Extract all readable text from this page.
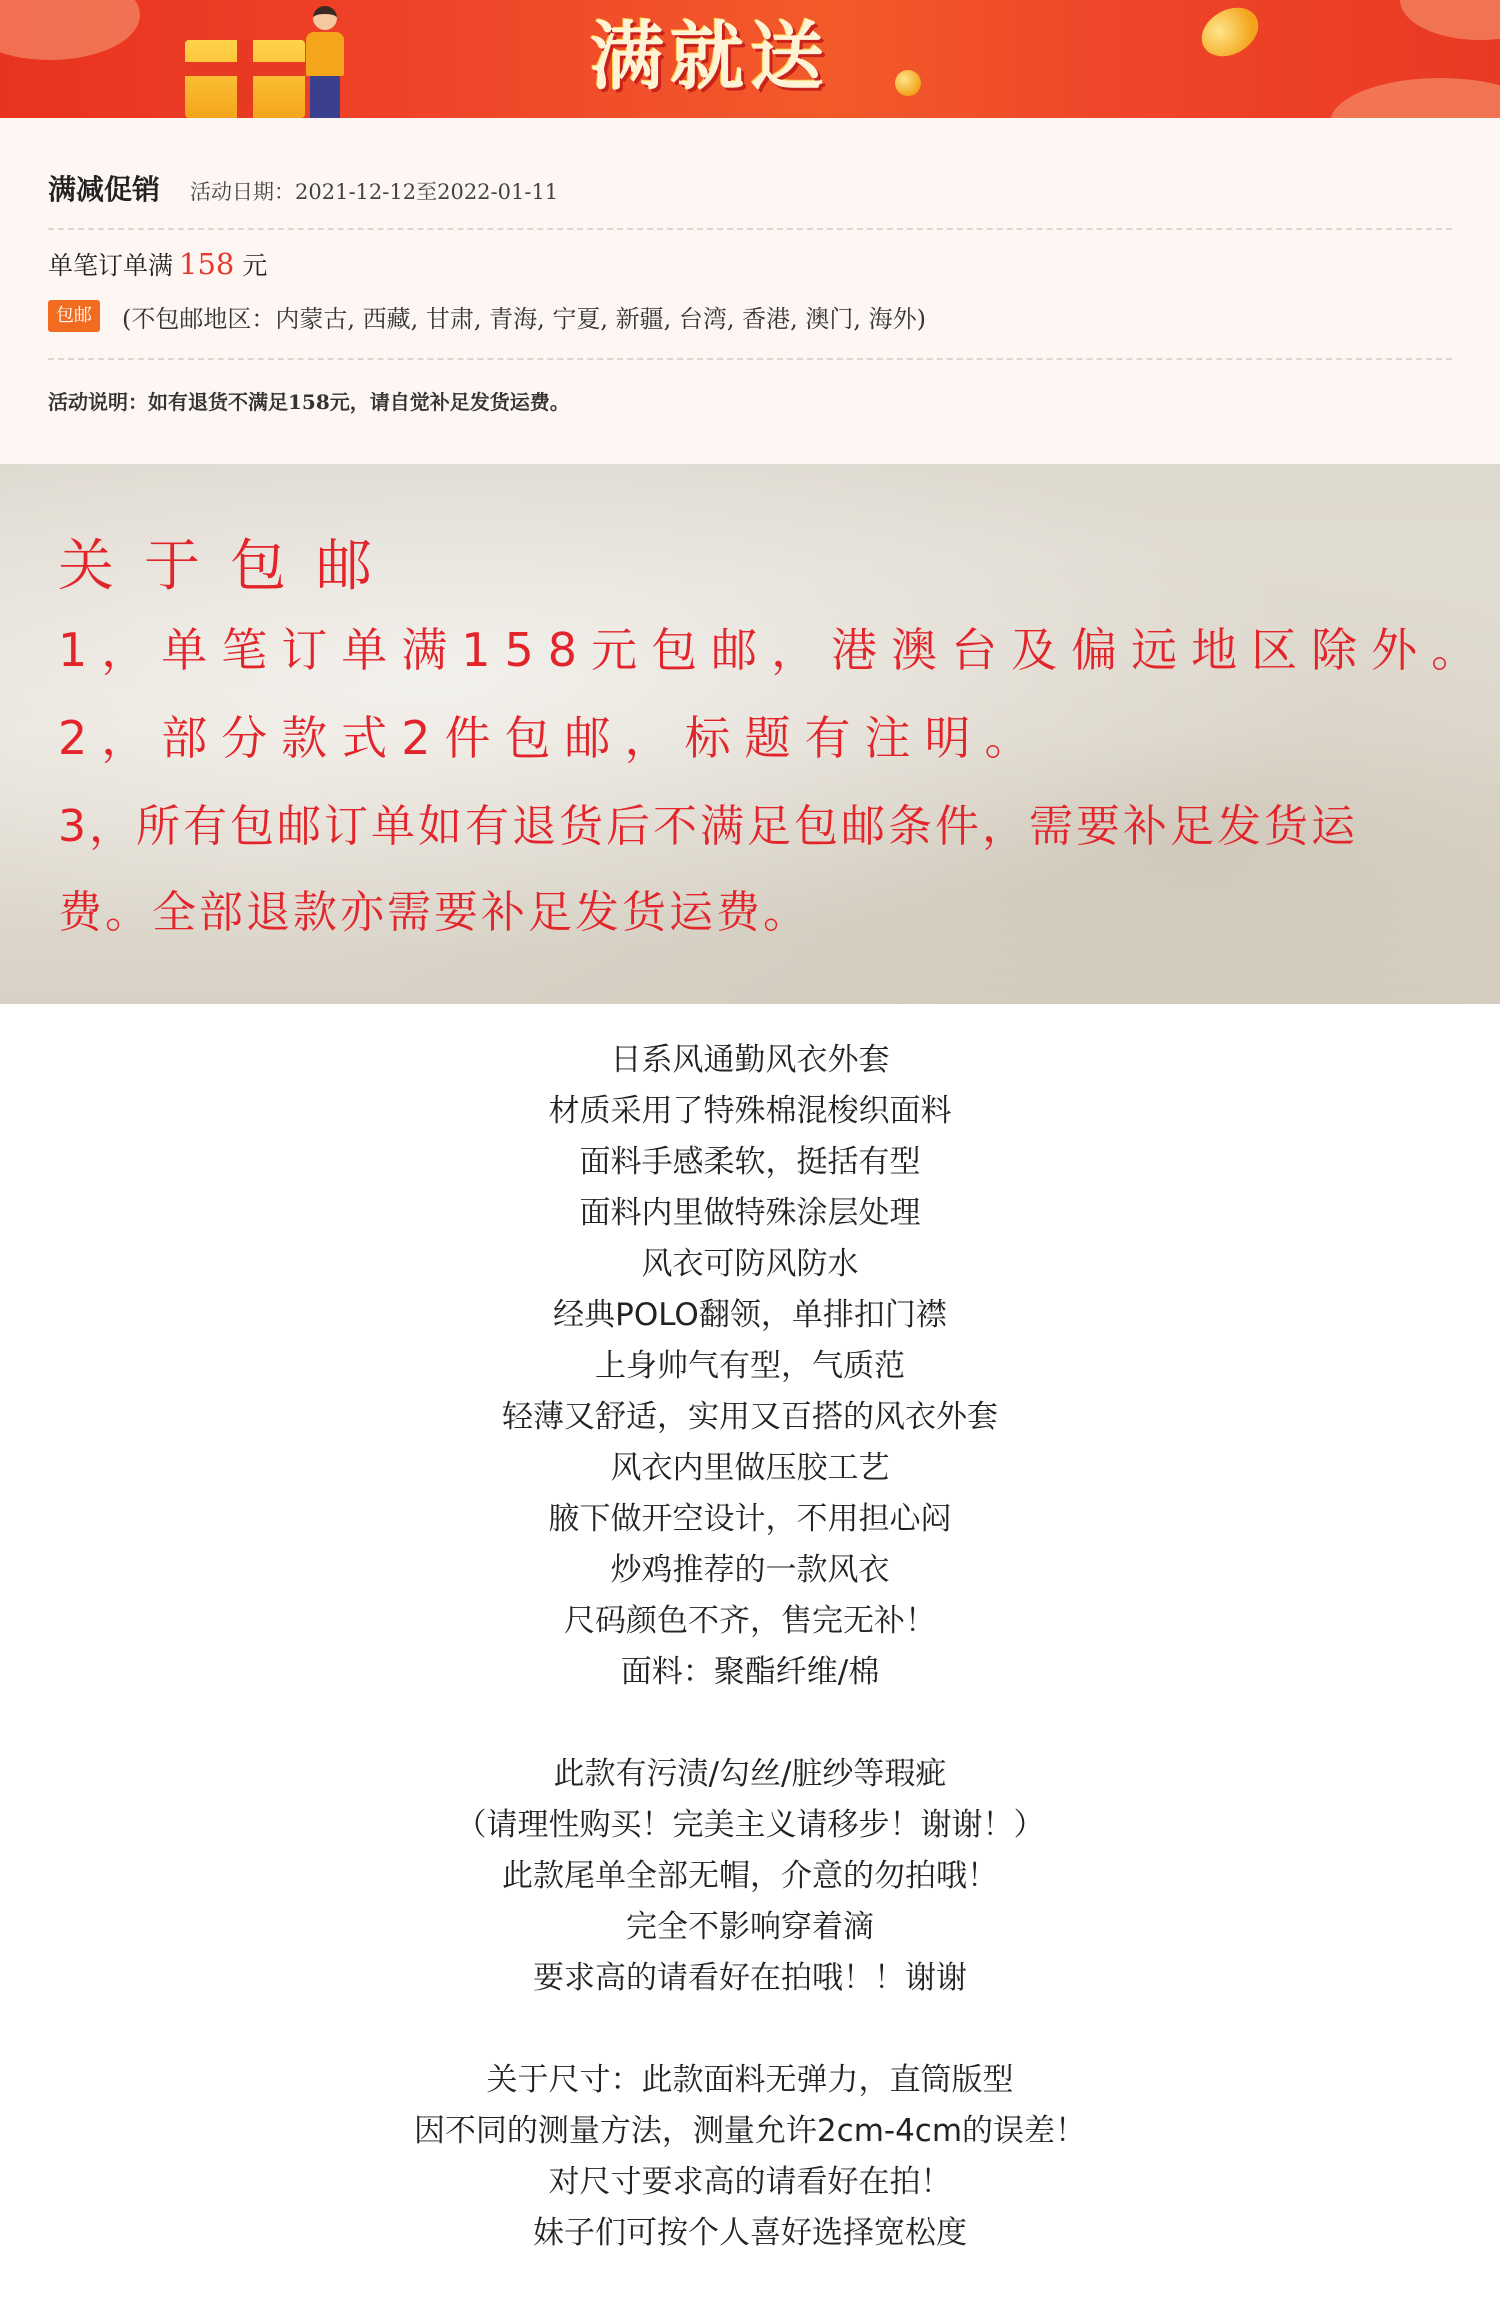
满就送
满减促销 活动日期： 2021-12-12至2022-01-11
单笔订单满 158 元
包邮	(不包邮地区：内蒙古, 西藏, 甘肃, 青海, 宁夏, 新疆, 台湾, 香港, 澳门, 海外)
活动说明：如有退货不满足158元，请自觉补足发货运费。
关于包邮
1，单笔订单满158元包邮，港澳台及偏远地区除外。
2，部分款式2件包邮，标题有注明。
3，所有包邮订单如有退货后不满足包邮条件，需要补足发货运
费。全部退款亦需要补足发货运费。
日系风通勤风衣外套
材质采用了特殊棉混梭织面料
面料手感柔软，挺括有型
面料内里做特殊涂层处理
风衣可防风防水
经典POLO翻领，单排扣门襟
上身帅气有型，气质范
轻薄又舒适，实用又百搭的风衣外套
风衣内里做压胶工艺
腋下做开空设计，不用担心闷
炒鸡推荐的一款风衣
尺码颜色不齐，售完无补！
面料：聚酯纤维/棉
此款有污渍/勾丝/脏纱等瑕疵
（请理性购买！完美主义请移步！谢谢！）
此款尾单全部无帽，介意的勿拍哦！
完全不影响穿着滴
要求高的请看好在拍哦！！谢谢
关于尺寸：此款面料无弹力，直筒版型
因不同的测量方法，测量允许2cm-4cm的误差！
对尺寸要求高的请看好在拍！
妹子们可按个人喜好选择宽松度
